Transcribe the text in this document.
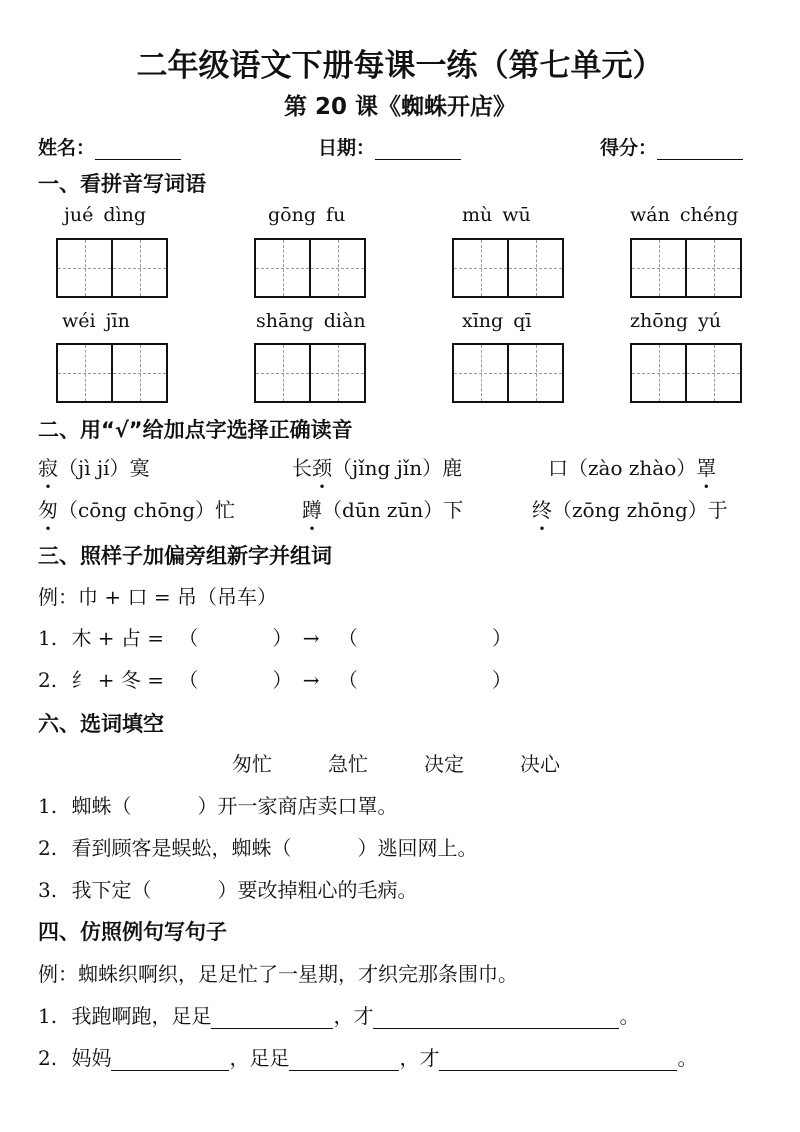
二年级语文下册每课一练（第七单元）
第 20 课《蜘蛛开店》
姓名：	日期：	得分：
一、看拼音写词语
jué dìng	gōng fu	mù wū	wán chéng
wéi jīn	shāng diàn	xīng qī	zhōng yú
二、用“√”给加点字选择正确读音
寂（jì jí）寞	长颈（jǐng jǐn）鹿	口（zào zhào）罩
匆（cōng chōng）忙	蹲（dūn zūn）下	终（zōng zhōng）于
三、照样子加偏旁组新字并组词
例：巾 + 口 = 吊（吊车）
1. 木 + 占 = （	） → （	）
2. 纟 + 冬 = （	） → （	）
六、选词填空
匆忙	急忙	决定	决心
1. 蜘蛛（	）开一家商店卖口罩。
2. 看到顾客是蜈蚣，蜘蛛（	）逃回网上。
3. 我下定（	）要改掉粗心的毛病。
四、仿照例句写句子
例：蜘蛛织啊织，足足忙了一星期，才织完那条围巾。
1. 我跑啊跑，足足	，才	。
2. 妈妈	，足足	，才	。
